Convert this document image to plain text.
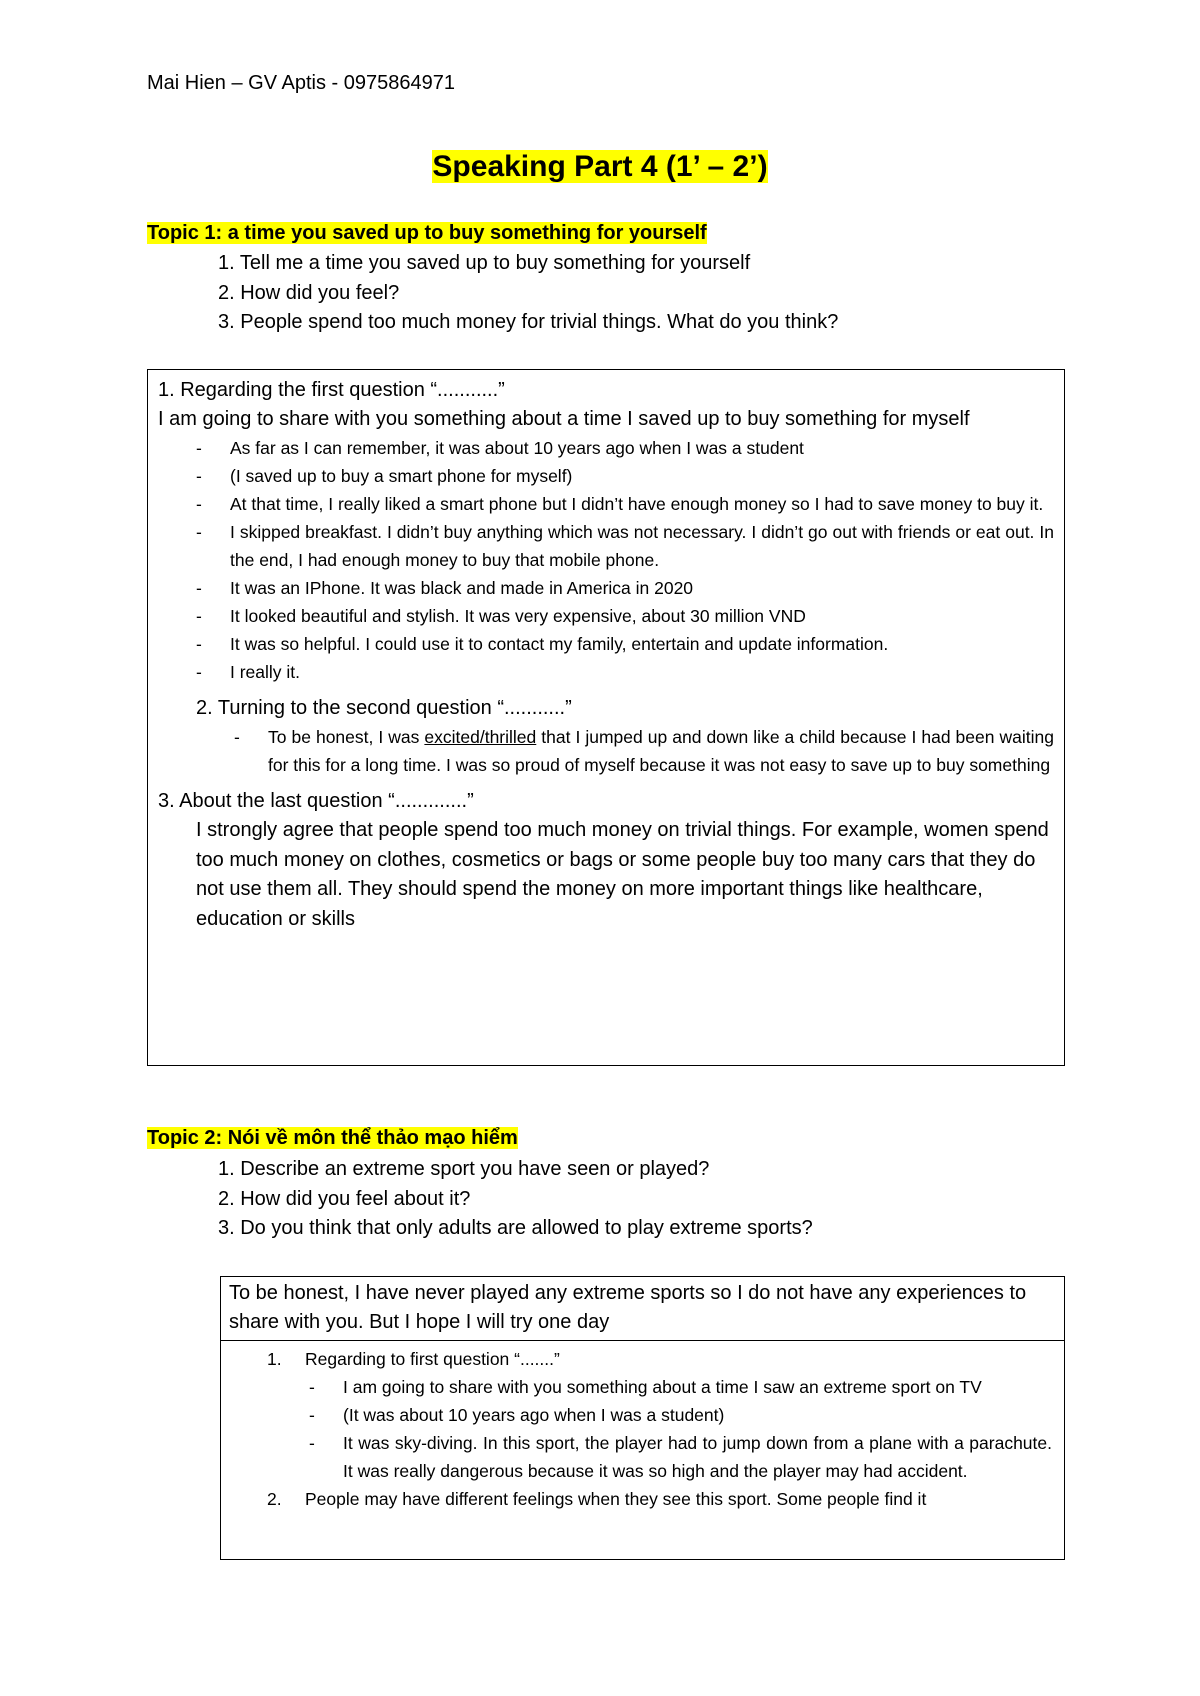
Mai Hien – GV Aptis - 0975864971
Speaking Part 4 (1’ – 2’)
Topic 1: a time you saved up to buy something for yourself
1. Tell me a time you saved up to buy something for yourself
2. How did you feel?
3. People spend too much money for trivial things. What do you think?
1. Regarding the first question “...........”
I am going to share with you something about a time I saved up to buy something for myself
- As far as I can remember, it was about 10 years ago when I was a student
- (I saved up to buy a smart phone for myself)
- At that time, I really liked a smart phone but I didn’t have enough money so I had to save money to buy it.
- I skipped breakfast. I didn’t buy anything which was not necessary. I didn’t go out with friends or eat out. In the end, I had enough money to buy that mobile phone.
- It was an IPhone. It was black and made in America in 2020
- It looked beautiful and stylish. It was very expensive, about 30 million VND
- It was so helpful. I could use it to contact my family, entertain and update information.
- I really it.
2. Turning to the second question “...........”
- To be honest, I was excited/thrilled that I jumped up and down like a child because I had been waiting for this for a long time. I was so proud of myself because it was not easy to save up to buy something
3. About the last question “.............”
I strongly agree that people spend too much money on trivial things. For example, women spend too much money on clothes, cosmetics or bags or some people buy too many cars that they do not use them all. They should spend the money on more important things like healthcare, education or skills
Topic 2: Nói về môn thể thảo mạo hiểm
1. Describe an extreme sport you have seen or played?
2. How did you feel about it?
3. Do you think that only adults are allowed to play extreme sports?
To be honest, I have never played any extreme sports so I do not have any experiences to share with you. But I hope I will try one day
1. Regarding to first question “.......”
- I am going to share with you something about a time I saw an extreme sport on TV
- (It was about 10 years ago when I was a student)
- It was sky-diving. In this sport, the player had to jump down from a plane with a parachute. It was really dangerous because it was so high and the player may had accident.
2. People may have different feelings when they see this sport. Some people find it
